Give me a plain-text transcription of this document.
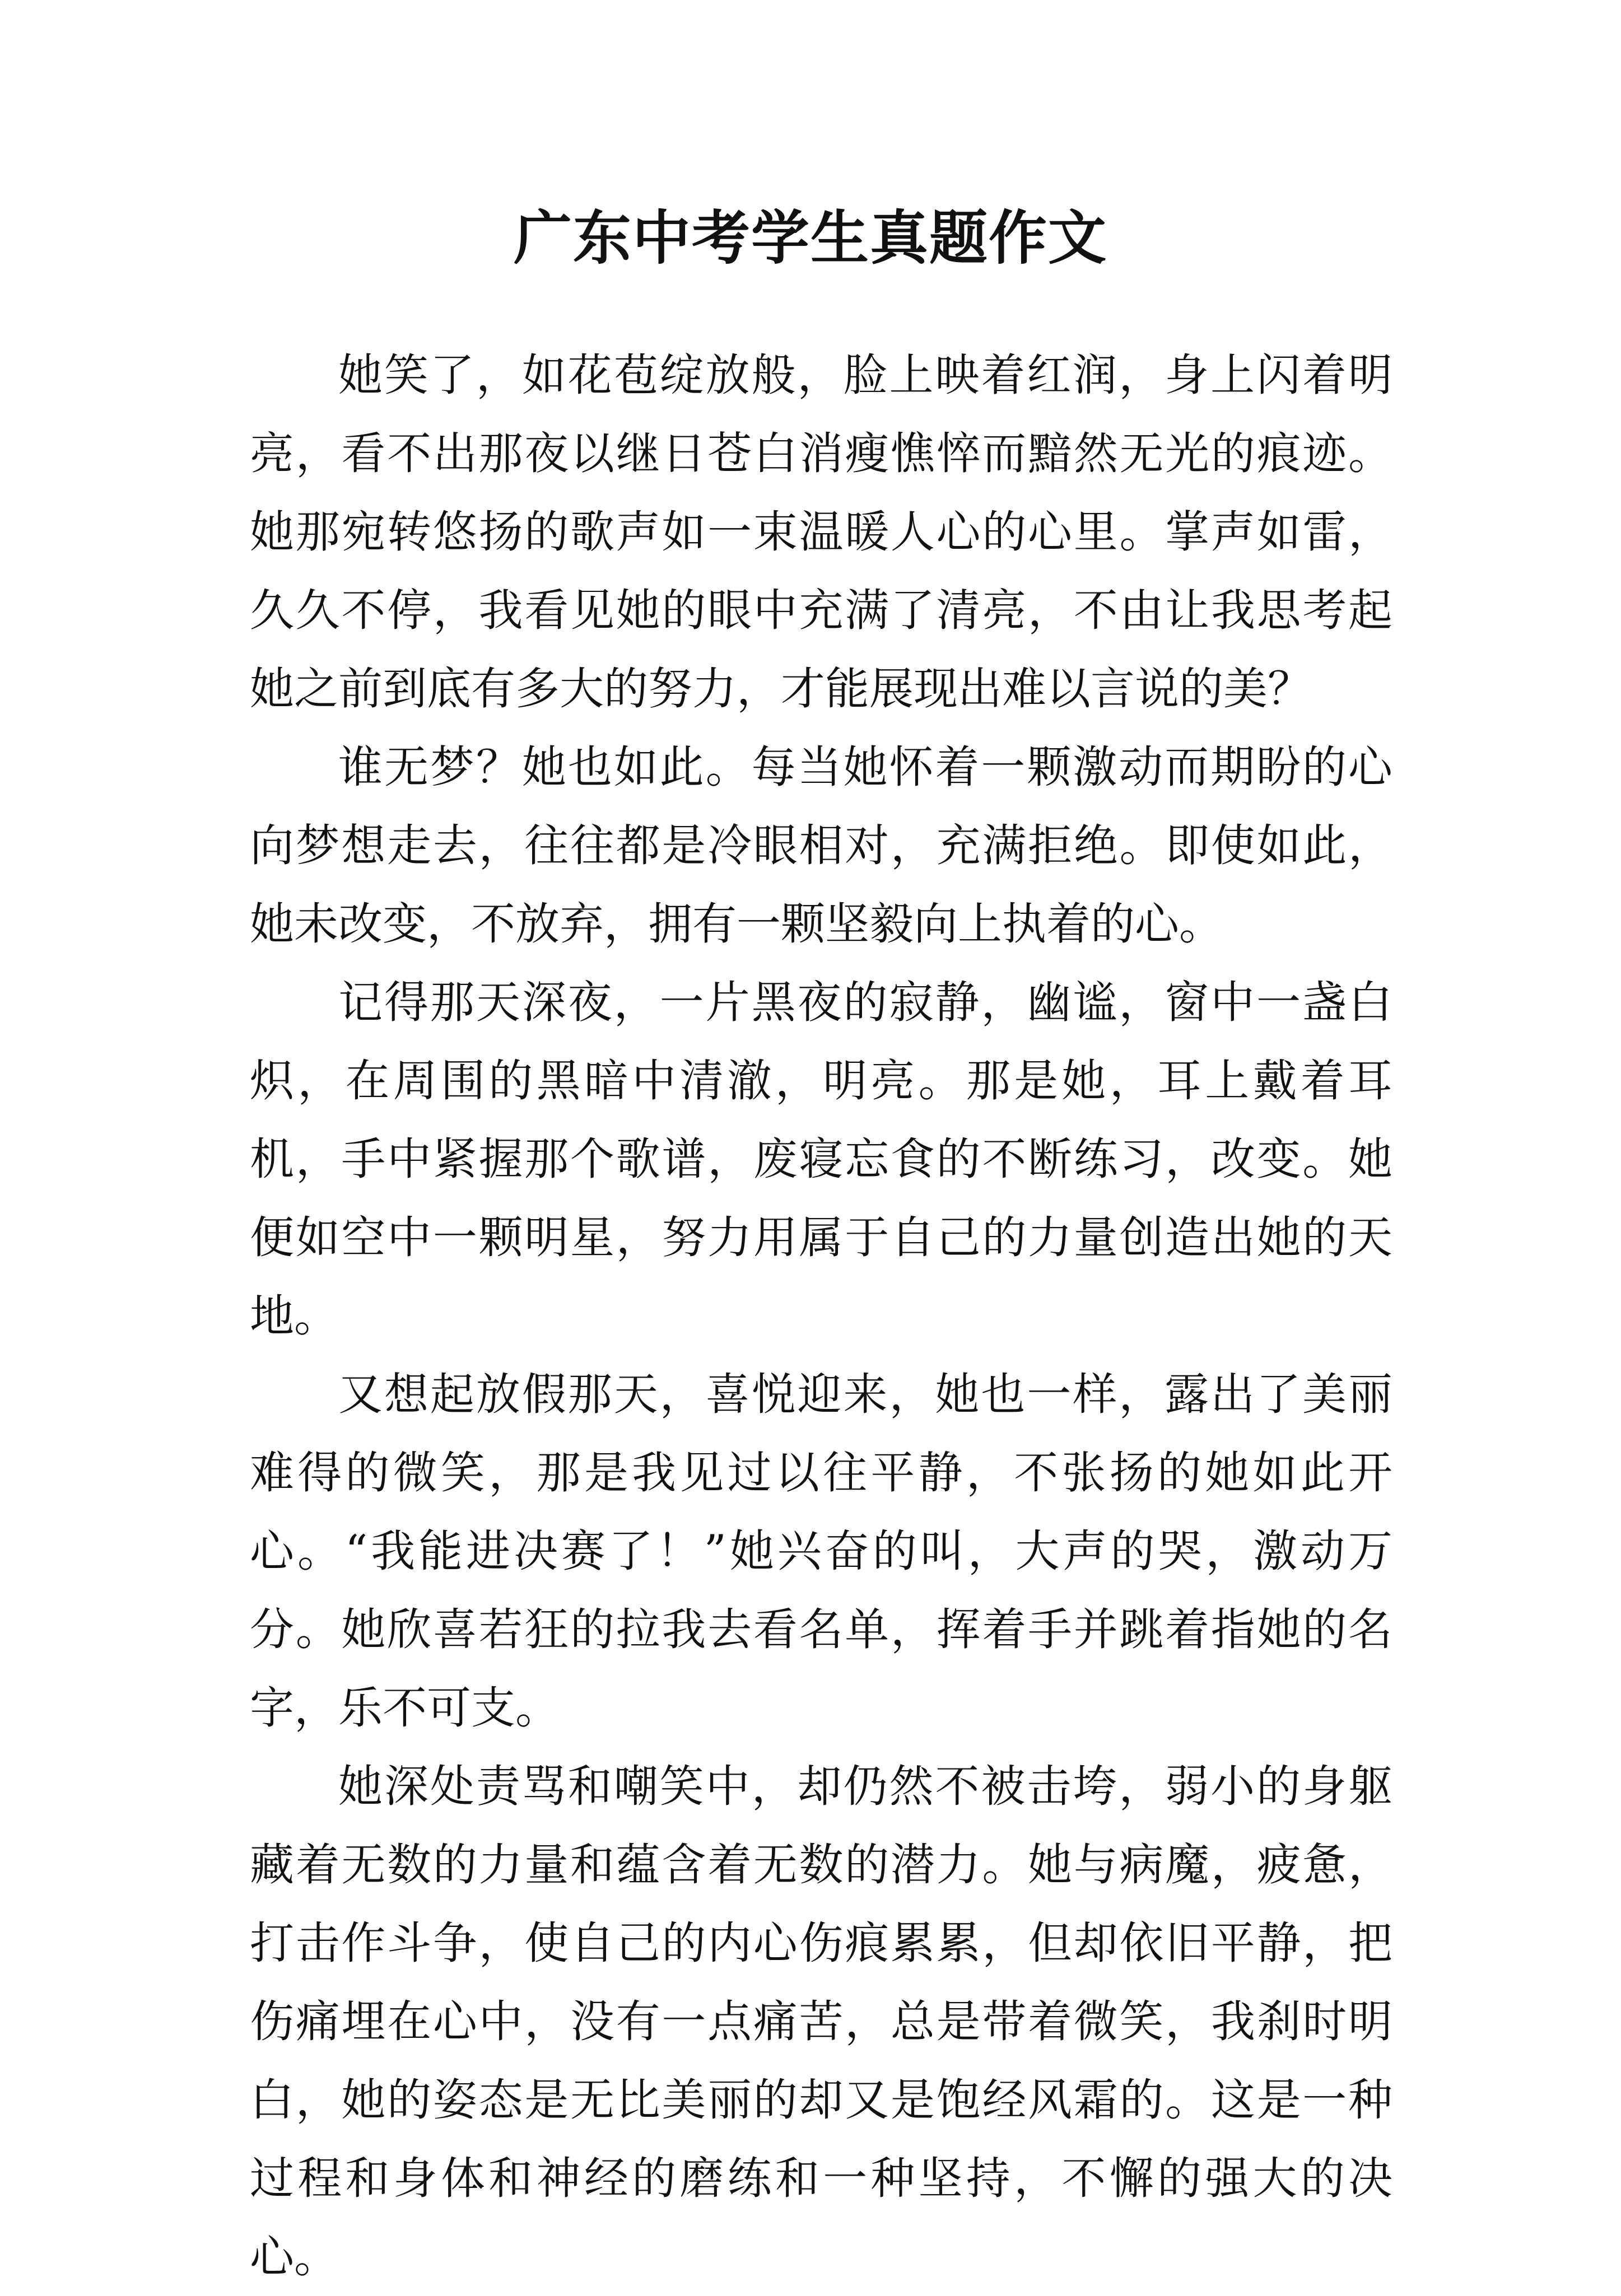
广东中考学生真题作文

她笑了，如花苞绽放般，脸上映着红润，身上闪着明亮，看不出那夜以继日苍白消瘦憔悴而黯然无光的痕迹。她那宛转悠扬的歌声如一束温暖人心的心里。掌声如雷，久久不停，我看见她的眼中充满了清亮，不由让我思考起她之前到底有多大的努力，才能展现出难以言说的美？

谁无梦？她也如此。每当她怀着一颗激动而期盼的心向梦想走去，往往都是冷眼相对，充满拒绝。即使如此，她未改变，不放弃，拥有一颗坚毅向上执着的心。

记得那天深夜，一片黑夜的寂静，幽谧，窗中一盏白炽，在周围的黑暗中清澈，明亮。那是她，耳上戴着耳机，手中紧握那个歌谱，废寝忘食的不断练习，改变。她便如空中一颗明星，努力用属于自己的力量创造出她的天地。

又想起放假那天，喜悦迎来，她也一样，露出了美丽难得的微笑，那是我见过以往平静，不张扬的她如此开心。“我能进决赛了！”她兴奋的叫，大声的哭，激动万分。她欣喜若狂的拉我去看名单，挥着手并跳着指她的名字，乐不可支。

她深处责骂和嘲笑中，却仍然不被击垮，弱小的身躯藏着无数的力量和蕴含着无数的潜力。她与病魔，疲惫，打击作斗争，使自己的内心伤痕累累，但却依旧平静，把伤痛埋在心中，没有一点痛苦，总是带着微笑，我刹时明白，她的姿态是无比美丽的却又是饱经风霜的。这是一种过程和身体和神经的磨练和一种坚持，不懈的强大的决心。
